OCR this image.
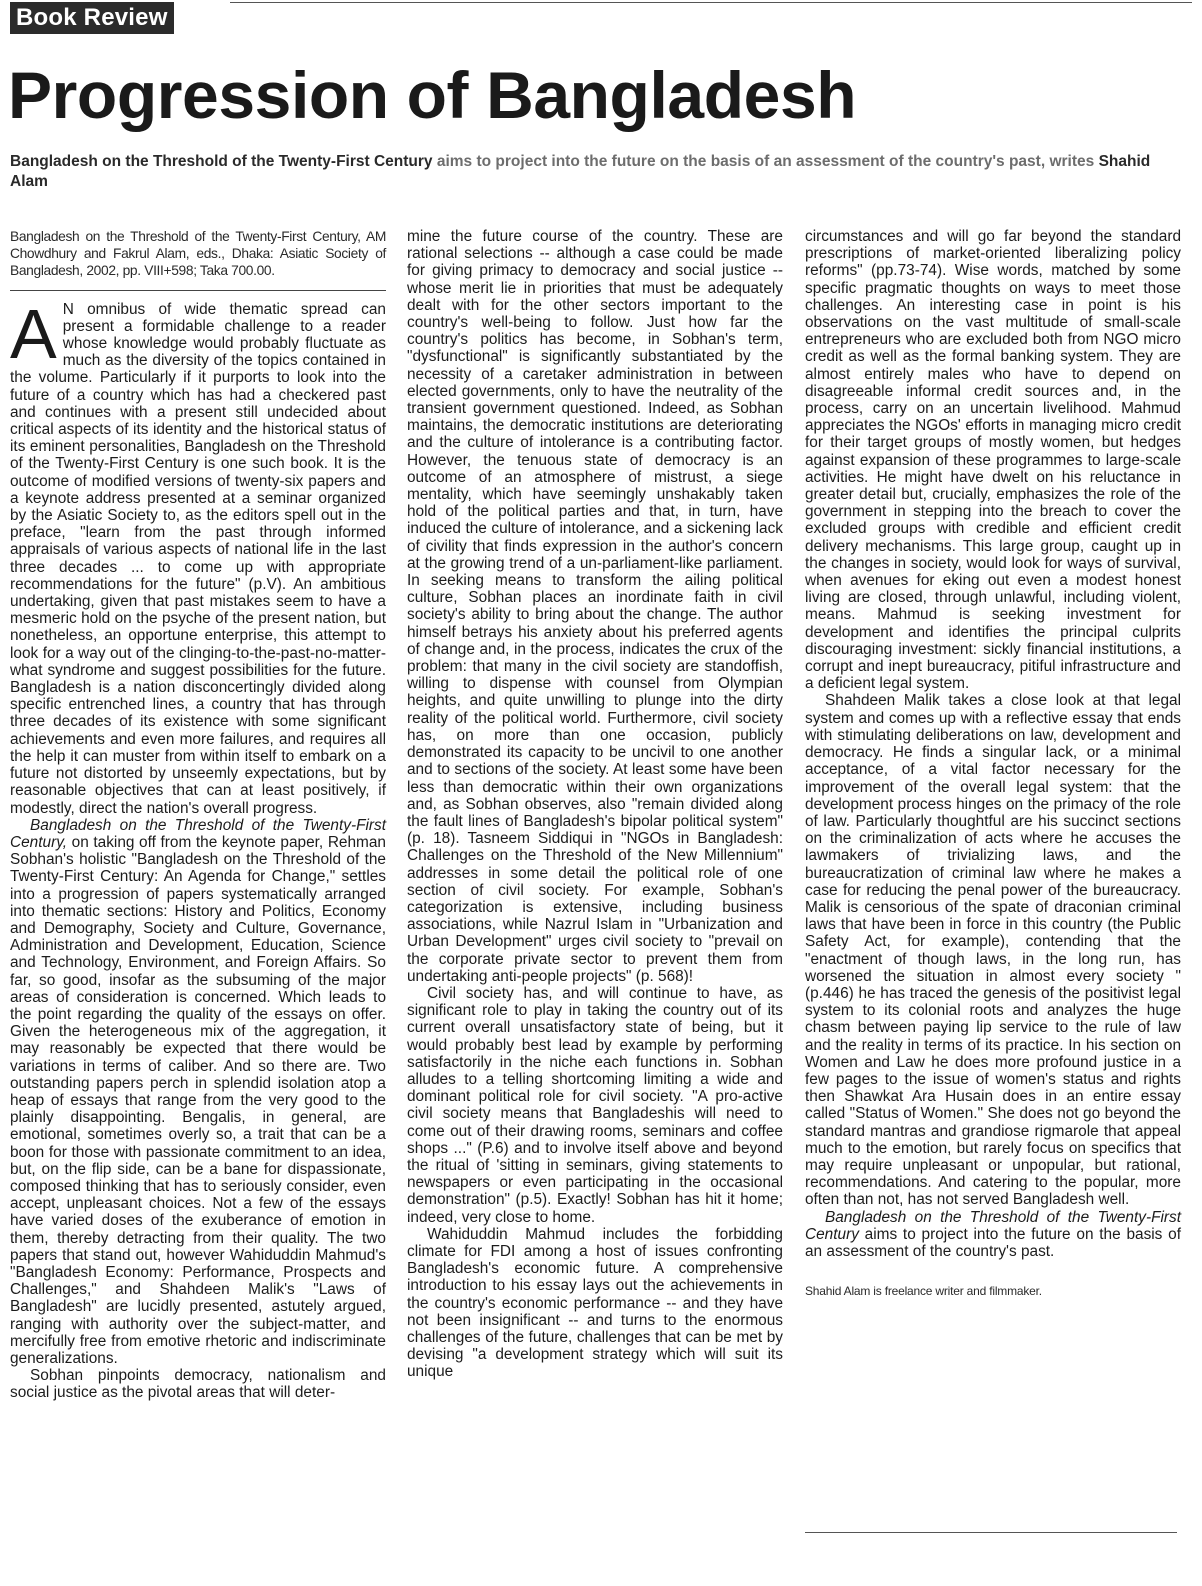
Book Review
Progression of Bangladesh

Bangladesh on the Threshold of the Twenty-First Century aims to project into the future on the basis of an assessment of the country's past, writes Shahid Alam

Bangladesh on the Threshold of the Twenty-First Century, AM Chowdhury and Fakrul Alam, eds., Dhaka: Asiatic Society of Bangladesh, 2002, pp. VIII+598; Taka 700.00.

A N omnibus of wide thematic spread can present a formidable challenge to a reader whose knowledge would probably fluctuate as much as the diversity of the topics contained in the volume. Particularly if it purports to look into the future of a country which has had a checkered past and continues with a present still undecided about critical aspects of its identity and the historical status of its eminent personalities, Bangladesh on the Threshold of the Twenty-First Century is one such book. It is the outcome of modified versions of twenty-six papers and a keynote address presented at a seminar organized by the Asiatic Society to, as the editors spell out in the preface, "learn from the past through informed appraisals of various aspects of national life in the last three decades ... to come up with appropriate recommendations for the future" (p.V). An ambitious undertaking, given that past mistakes seem to have a mesmeric hold on the psyche of the present nation, but nonetheless, an opportune enterprise, this attempt to look for a way out of the clinging-to-the-past-no-matter-what syndrome and suggest possibilities for the future. Bangladesh is a nation disconcertingly divided along specific entrenched lines, a country that has through three decades of its existence with some significant achievements and even more failures, and requires all the help it can muster from within itself to embark on a future not distorted by unseemly expectations, but by reasonable objectives that can at least positively, if modestly, direct the nation's overall progress.

Bangladesh on the Threshold of the Twenty-First Century, on taking off from the keynote paper, Rehman Sobhan's holistic "Bangladesh on the Threshold of the Twenty-First Century: An Agenda for Change," settles into a progression of papers systematically arranged into thematic sections: History and Politics, Economy and Demography, Society and Culture, Governance, Administration and Development, Education, Science and Technology, Environment, and Foreign Affairs. So far, so good, insofar as the subsuming of the major areas of consideration is concerned. Which leads to the point regarding the quality of the essays on offer. Given the heterogeneous mix of the aggregation, it may reasonably be expected that there would be variations in terms of caliber. And so there are. Two outstanding papers perch in splendid isolation atop a heap of essays that range from the very good to the plainly disappointing. Bengalis, in general, are emotional, sometimes overly so, a trait that can be a boon for those with passionate commitment to an idea, but, on the flip side, can be a bane for dispassionate, composed thinking that has to seriously consider, even accept, unpleasant choices. Not a few of the essays have varied doses of the exuberance of emotion in them, thereby detracting from their quality. The two papers that stand out, however Wahiduddin Mahmud's "Bangladesh Economy: Performance, Prospects and Challenges," and Shahdeen Malik's "Laws of Bangladesh" are lucidly presented, astutely argued, ranging with authority over the subject-matter, and mercifully free from emotive rhetoric and indiscriminate generalizations.

Sobhan pinpoints democracy, nationalism and social justice as the pivotal areas that will deter-

mine the future course of the country. These are rational selections -- although a case could be made for giving primacy to democracy and social justice -- whose merit lie in priorities that must be adequately dealt with for the other sectors important to the country's well-being to follow. Just how far the country's politics has become, in Sobhan's term, "dysfunctional" is significantly substantiated by the necessity of a caretaker administration in between elected governments, only to have the neutrality of the transient government questioned. Indeed, as Sobhan maintains, the democratic institutions are deteriorating and the culture of intolerance is a contributing factor. However, the tenuous state of democracy is an outcome of an atmosphere of mistrust, a siege mentality, which have seemingly unshakably taken hold of the political parties and that, in turn, have induced the culture of intolerance, and a sickening lack of civility that finds expression in the author's concern at the growing trend of a un-parliament-like parliament. In seeking means to transform the ailing political culture, Sobhan places an inordinate faith in civil society's ability to bring about the change. The author himself betrays his anxiety about his preferred agents of change and, in the process, indicates the crux of the problem: that many in the civil society are standoffish, willing to dispense with counsel from Olympian heights, and quite unwilling to plunge into the dirty reality of the political world. Furthermore, civil society has, on more than one occasion, publicly demonstrated its capacity to be uncivil to one another and to sections of the society. At least some have been less than democratic within their own organizations and, as Sobhan observes, also "remain divided along the fault lines of Bangladesh's bipolar political system" (p. 18). Tasneem Siddiqui in "NGOs in Bangladesh: Challenges on the Threshold of the New Millennium" addresses in some detail the political role of one section of civil society. For example, Sobhan's categorization is extensive, including business associations, while Nazrul Islam in "Urbanization and Urban Development" urges civil society to "prevail on the corporate private sector to prevent them from undertaking anti-people projects" (p. 568)!

Civil society has, and will continue to have, as significant role to play in taking the country out of its current overall unsatisfactory state of being, but it would probably best lead by example by performing satisfactorily in the niche each functions in. Sobhan alludes to a telling shortcoming limiting a wide and dominant political role for civil society. "A pro-active civil society means that Bangladeshis will need to come out of their drawing rooms, seminars and coffee shops ..." (P.6) and to involve itself above and beyond the ritual of 'sitting in seminars, giving statements to newspapers or even participating in the occasional demonstration" (p.5). Exactly! Sobhan has hit it home; indeed, very close to home.

Wahiduddin Mahmud includes the forbidding climate for FDI among a host of issues confronting Bangladesh's economic future. A comprehensive introduction to his essay lays out the achievements in the country's economic performance -- and they have not been insignificant -- and turns to the enormous challenges of the future, challenges that can be met by devising "a development strategy which will suit its unique

circumstances and will go far beyond the standard prescriptions of market-oriented liberalizing policy reforms" (pp.73-74). Wise words, matched by some specific pragmatic thoughts on ways to meet those challenges. An interesting case in point is his observations on the vast multitude of small-scale entrepreneurs who are excluded both from NGO micro credit as well as the formal banking system. They are almost entirely males who have to depend on disagreeable informal credit sources and, in the process, carry on an uncertain livelihood. Mahmud appreciates the NGOs' efforts in managing micro credit for their target groups of mostly women, but hedges against expansion of these programmes to large-scale activities. He might have dwelt on his reluctance in greater detail but, crucially, emphasizes the role of the government in stepping into the breach to cover the excluded groups with credible and efficient credit delivery mechanisms. This large group, caught up in the changes in society, would look for ways of survival, when avenues for eking out even a modest honest living are closed, through unlawful, including violent, means. Mahmud is seeking investment for development and identifies the principal culprits discouraging investment: sickly financial institutions, a corrupt and inept bureaucracy, pitiful infrastructure and a deficient legal system.

Shahdeen Malik takes a close look at that legal system and comes up with a reflective essay that ends with stimulating deliberations on law, development and democracy. He finds a singular lack, or a minimal acceptance, of a vital factor necessary for the improvement of the overall legal system: that the development process hinges on the primacy of the role of law. Particularly thoughtful are his succinct sections on the criminalization of acts where he accuses the lawmakers of trivializing laws, and the bureaucratization of criminal law where he makes a case for reducing the penal power of the bureaucracy. Malik is censorious of the spate of draconian criminal laws that have been in force in this country (the Public Safety Act, for example), contending that the "enactment of though laws, in the long run, has worsened the situation in almost every society " (p.446) he has traced the genesis of the positivist legal system to its colonial roots and analyzes the huge chasm between paying lip service to the rule of law and the reality in terms of its practice. In his section on Women and Law he does more profound justice in a few pages to the issue of women's status and rights then Shawkat Ara Husain does in an entire essay called "Status of Women." She does not go beyond the standard mantras and grandiose rigmarole that appeal much to the emotion, but rarely focus on specifics that may require unpleasant or unpopular, but rational, recommendations. And catering to the popular, more often than not, has not served Bangladesh well.

Bangladesh on the Threshold of the Twenty-First Century aims to project into the future on the basis of an assessment of the country's past.

Shahid Alam is freelance writer and filmmaker.
